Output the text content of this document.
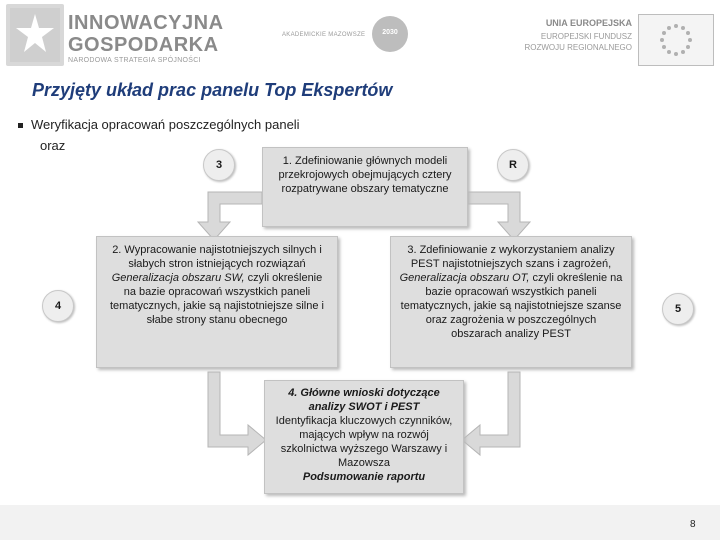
INNOWACYJNA
GOSPODARKA
NARODOWA STRATEGIA SPÓJNOŚCI
AKADEMICKIE MAZOWSZE	2030
UNIA EUROPEJSKA
EUROPEJSKI FUNDUSZ
ROZWOJU REGIONALNEGO
Przyjęty układ prac panelu Top Ekspertów
Weryfikacja opracowań poszczególnych paneli
oraz
3	R
4	5
1. Zdefiniowanie głównych modeli przekrojowych obejmujących cztery rozpatrywane obszary tematyczne
2. Wypracowanie najistotniejszych silnych i słabych stron istniejących rozwiązań
Generalizacja obszaru SW, czyli określenie na bazie opracowań wszystkich paneli tematycznych, jakie są najistotniejsze silne i słabe strony stanu obecnego
3. Zdefiniowanie z wykorzystaniem analizy PEST najistotniejszych szans i zagrożeń,
Generalizacja obszaru OT, czyli określenie na bazie opracowań wszystkich paneli tematycznych, jakie są najistotniejsze szanse oraz zagrożenia w poszczególnych obszarach analizy PEST
4. Główne wnioski dotyczące analizy SWOT i PEST
Identyfikacja kluczowych czynników, mających wpływ na rozwój szkolnictwa wyższego Warszawy i Mazowsza
Podsumowanie raportu
8
